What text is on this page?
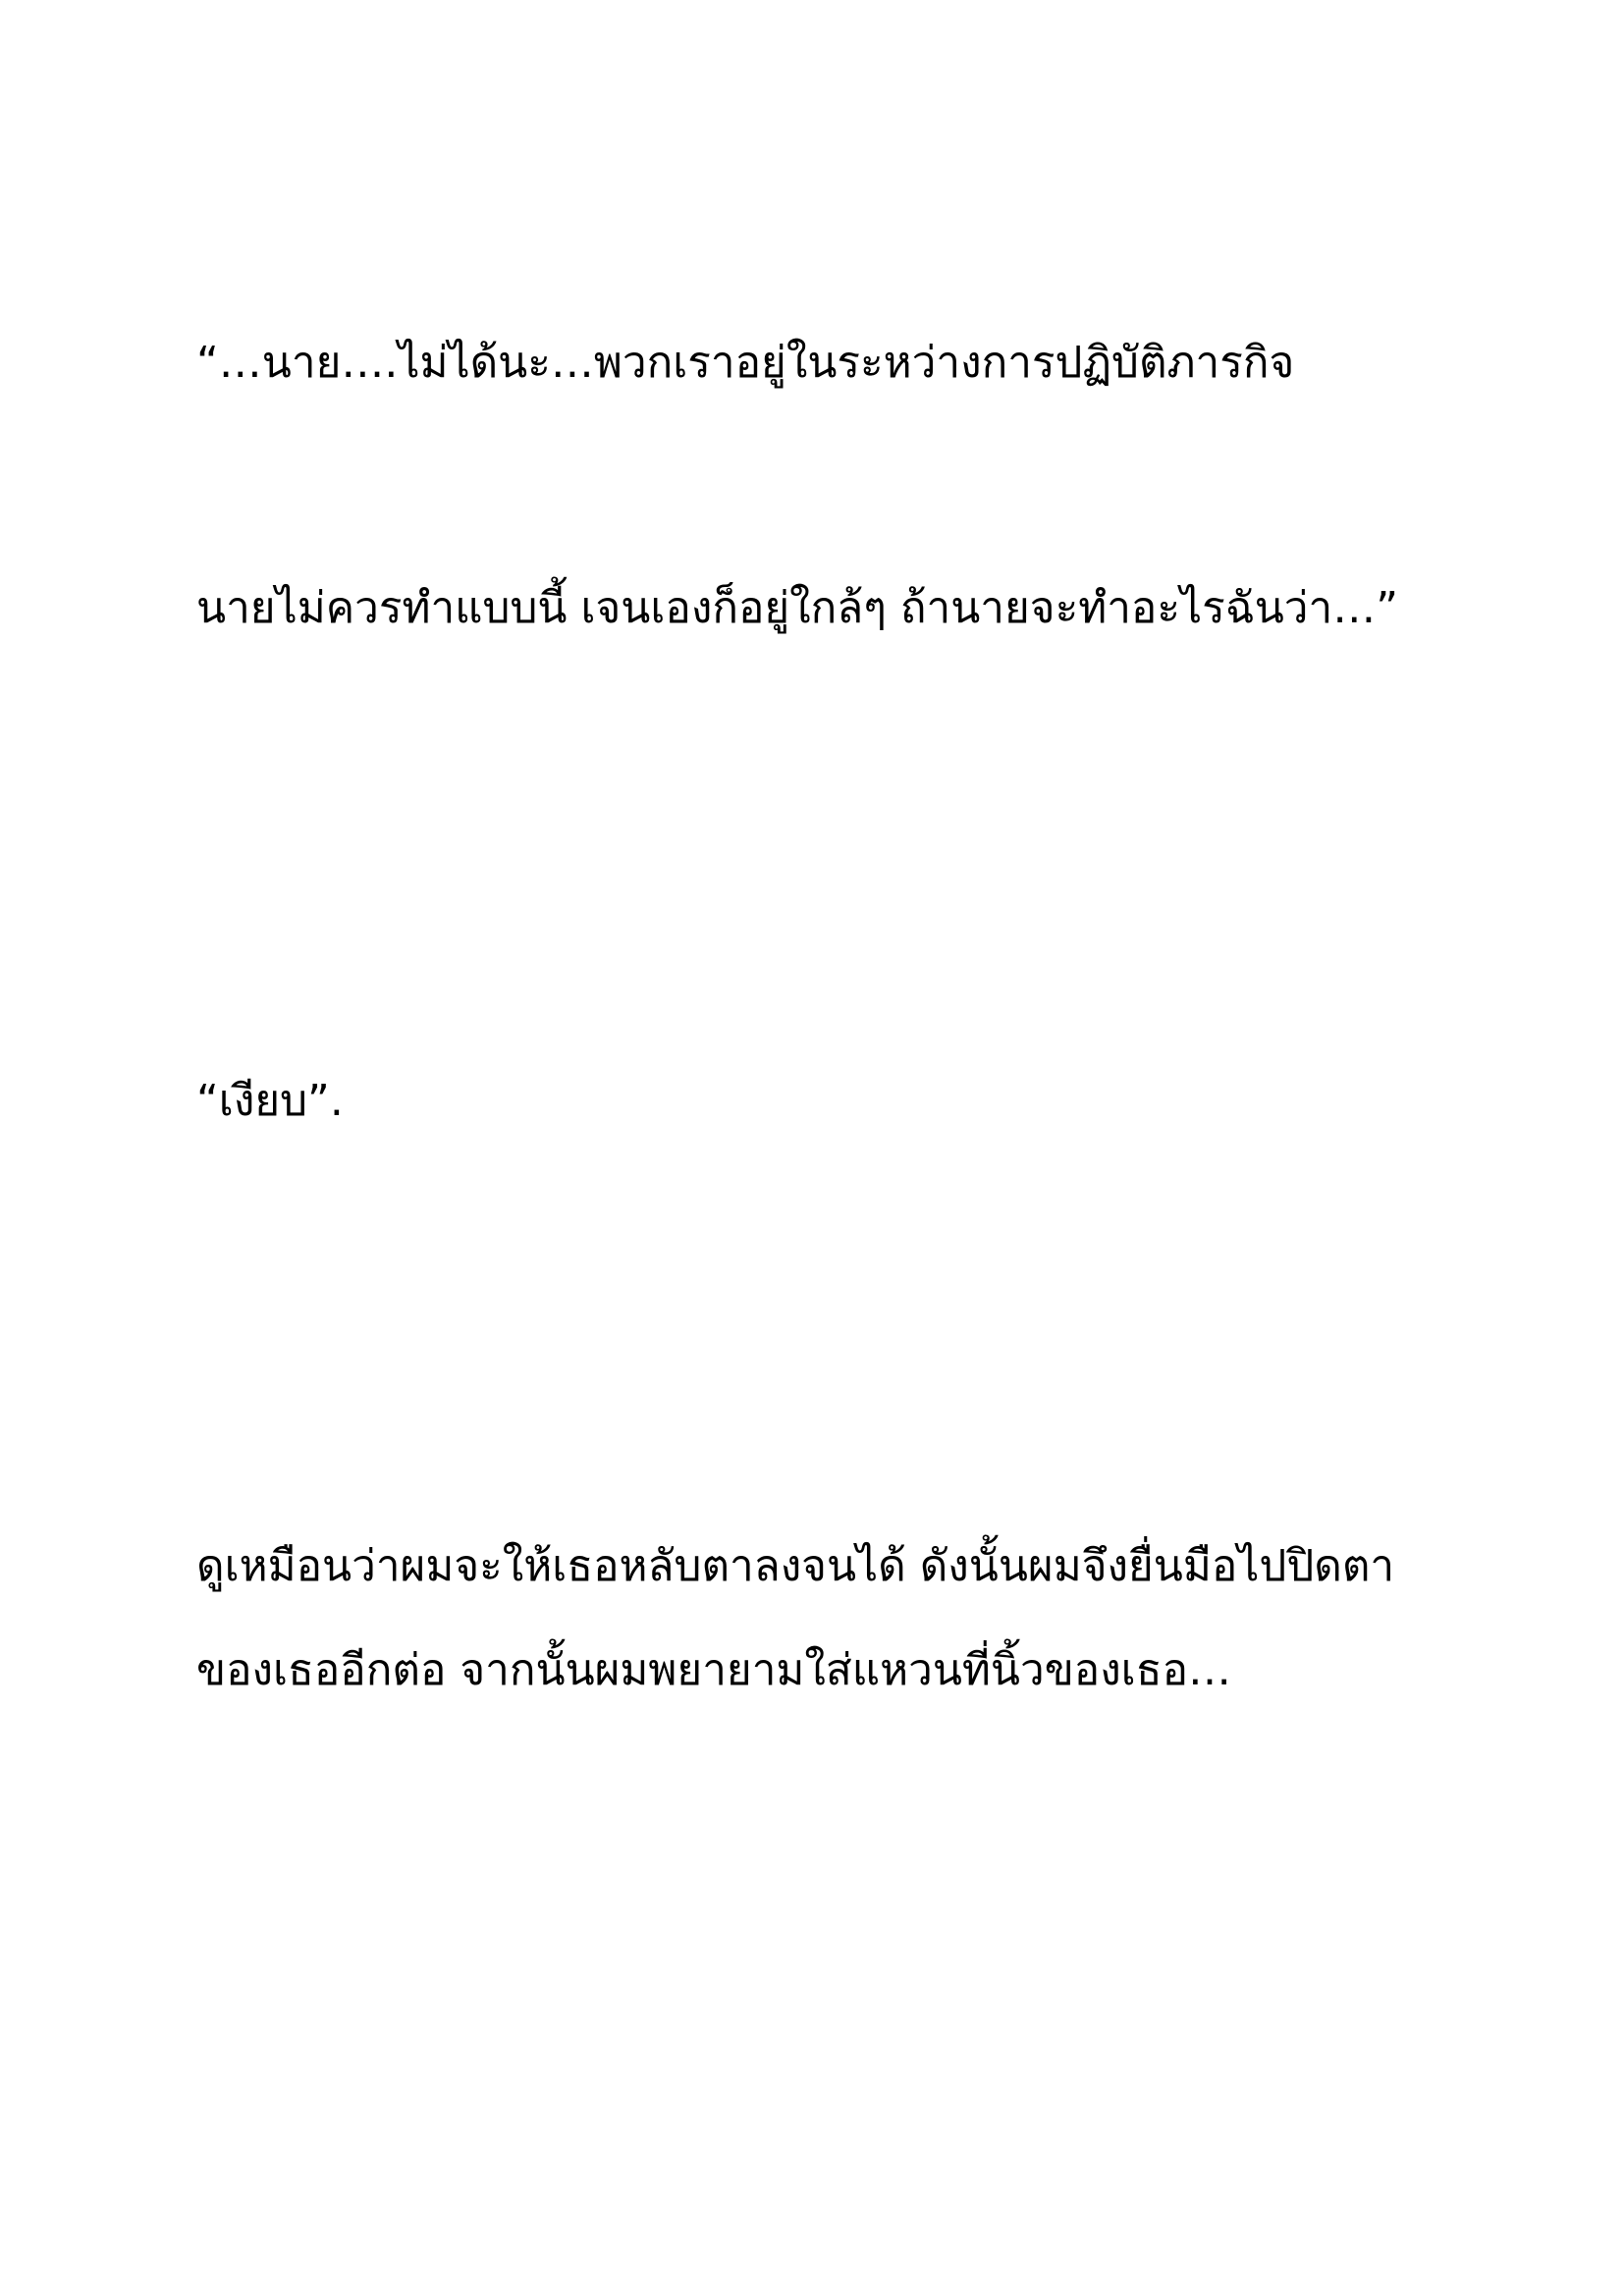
“…นาย….ไม่ได้นะ…พวกเราอยู่ในระหว่างการปฏิบัติภารกิจ
นายไม่ควรทำแบบนี้ เจนเองก็อยู่ใกล้ๆ ถ้านายจะทำอะไรฉันว่า…”
“เงียบ”.
ดูเหมือนว่าผมจะให้เธอหลับตาลงจนได้ ดังนั้นผมจึงยื่นมือไปปิดตา
ของเธออีกต่อ จากนั้นผมพยายามใส่แหวนที่นิ้วของเธอ…
